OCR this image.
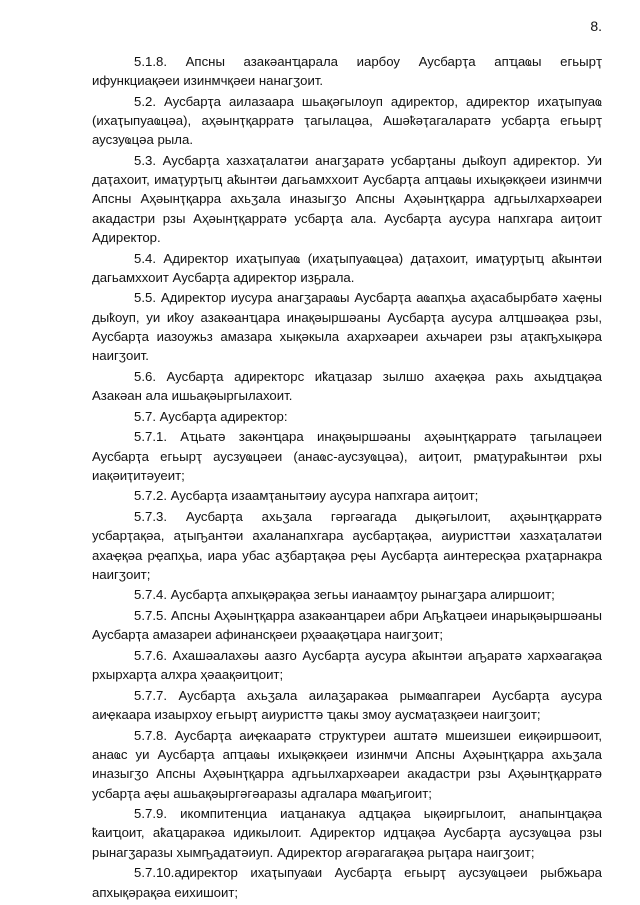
8.

5.1.8. Апсны азакәанҵарала иарбоу Аусбарҭа апҵаҩы егьырҭ ифункциақәеи изинмчқәеи нанагӡоит.

5.2. Аусбарҭа аилазаара шьақәгылоуп адиректор, адиректор ихаҭыпуаҩ (ихаҭыпуаҩцәа), аҳәынҭқарратә ҭагылацәа, Ашәҟәҭагаларатә усбарҭа егьырҭ аусзуҩцәа рыла.

5.3. Аусбарҭа хазхаҭалатәи анагӡаратә усбарҭаны дыҟоуп адиректор. Уи даҭахоит, имаҭурҭыҵ аҟынтәи дагьамххоит Аусбарҭа апҵаҩы ихықәкқәеи изинмчи Апсны Аҳәынҭқарра ахьӡала иназыгӡо Апсны Аҳәынҭқарра адгьылхархәареи акадастри рзы Аҳәынҭқарратә усбарҭа ала. Аусбарҭа аусура напхгара аиҭоит Адиректор.

5.4. Адиректор ихаҭыпуаҩ (ихаҭыпуаҩцәа) даҭахоит, имаҭурҭыҵ аҟынтәи дагьамххоит Аусбарҭа адиректор изҕрала.

5.5. Адиректор иусура анагӡараҩы Аусбарҭа аҩапҳьа аҳасабырбатә хаҿны дыҟоуп, уи иҟоу азакәанҵара инақәыршәаны Аусбарҭа аусура алҵшәақәа рзы, Аусбарҭа иазоужьз амазара хықәкыла ахархәареи ахьчареи рзы аҭакҧхықәра наигӡоит.

5.6. Аусбарҭа адиректорс иҟаҵазар зылшо ахаҿқәа рахь ахыдҵақәа Азакәан ала ишьақәыргылахоит.

5.7. Аусбарҭа адиректор:

5.7.1. Аҵьатә закәнҵара инақәыршәаны аҳәынҭқарратә ҭагылацәеи Аусбарҭа егьырҭ аусзуҩцәеи (анаҩс-аусзуҩцәа), аиҭоит, рмаҭураҟынтәи рхы иақәиҭитәуеит;

5.7.2. Аусбарҭа изаамҭанытәиу аусура напхгара аиҭоит;

5.7.3. Аусбарҭа ахьӡала гәргәагада дықәгылоит, аҳәынҭқарратә усбарҭақәа, аҭыҧантәи ахаланапхгара аусбарҭақәа, аиуристтәи хазхаҭалатәи ахаҿқәа рҿапҳьа, иара убас аӡбарҭақәа рҿы Аусбарҭа аинтересқәа рхаҭарнакра наигӡоит;

5.7.4. Аусбарҭа апхықәрақәа зегьы ианаамҭоу рынагӡара алиршоит;

5.7.5. Апсны Аҳәынҭқарра азакәанҵареи абри Аҧҟаҵәеи инарықәыршәаны Аусбарҭа амазареи афинансқәеи рҳәаақәҵара наигӡоит;

5.7.6. Ахашәалахәы аазго Аусбарҭа аусура аҟынтәи аҧаратә хархәагақәа рхырхарҭа алхра ҳәаақәиҵоит;

5.7.7. Аусбарҭа ахьӡала аилаӡаракәа рымҩапгареи Аусбарҭа аусура аиҿкаара изаырхоу егьырҭ аиуристтә ҵакы змоу аусмаҭазқәеи наигӡоит;

5.7.8. Аусбарҭа аиҿкааратә структуреи аштатә мшеизшеи еиқәиршәоит, анаҩс уи Аусбарҭа апҵаҩы ихықәкқәеи изинмчи Апсны Аҳәынҭқарра ахьӡала иназыгӡо Апсны Аҳәынҭқарра адгьылхархәареи акадастри рзы Аҳәынҭқарратә усбарҭа аҿы ашьақәыргәгәаразы адгалара мҩаҧигоит;

5.7.9. икомпитенциа иаҵанакуа адҵақәа ықәиргылоит, анапынҵақәа ҟаиҵоит, аҟаҵаракәа идикылоит. Адиректор идҵақәа Аусбарҭа аусзуҩцәа рзы рынагӡаразы хымҧадатәиуп. Адиректор агәрагагақәа рыҭара наигӡоит;

5.7.10.адиректор ихаҭыпуаҩи Аусбарҭа егьырҭ аусзуҩцәеи рыбжьара апхықәрақәа еихишоит;
